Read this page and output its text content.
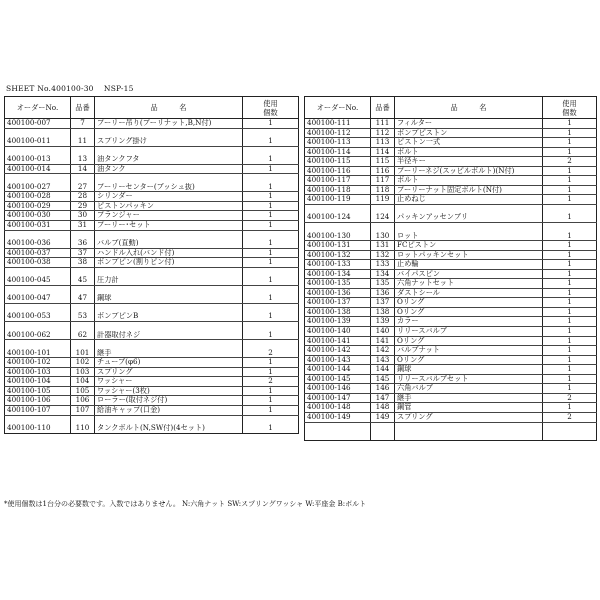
SHEET No.400100-30　 NSP-15
オーダーNo.	品番	品　　　名	使用
個数
400100-007	7	プーリー吊り(プーリナット,B,N付)	1

400100-011	11	スプリング掛け	1

400100-013	13	油タンクフタ	1
400100-014	14	油タンク	1

400100-027	27	プーリーセンター(ブッシュ抜)	1
400100-028	28	シリンダー	1
400100-029	29	ピストンパッキン	1
400100-030	30	プランジャー	1
400100-031	31	プーリー･セット	1

400100-036	36	バルブ(直動)	1
400100-037	37	ハンドル入れ(バンド付)	1
400100-038	38	ボンプピン(割りピン付)	1

400100-045	45	圧力計	1

400100-047	47	鋼球	1

400100-053	53	ボンプピンB	1

400100-062	62	計器取付ネジ	1

400100-101	101	継手	2
400100-102	102	チューブ(φ6)	1
400100-103	103	スプリング	1
400100-104	104	ワッシャー	2
400100-105	105	ワッシャー(3枚)	1
400100-106	106	ローラー(取付ネジ付)	1
400100-107	107	給油キャップ(口金)	1

400100-110	110	タンクボルト(N,SW付)(4セット)	1
オーダーNo.	品番	品　　　名	使用
個数
400100-111	111	フィルター	1
400100-112	112	ボンプピストン	1
400100-113	113	ピストン一式	1
400100-114	114	ボルト	1
400100-115	115	半径キー	2
400100-116	116	プーリーネジ(スッピルボルト)(N付)	1
400100-117	117	ボルト	1
400100-118	118	プーリーナット固定ボルト(N付)	1
400100-119	119	止めねじ	1

400100-124	124	パッキンアッセンブリ	1

400100-130	130	ロット	1
400100-131	131	FCピストン	1
400100-132	132	ロットパッキンセット	1
400100-133	133	止め輪	1
400100-134	134	バイパスピン	1
400100-135	135	六角ナットセット	1
400100-136	136	ダストシール	1
400100-137	137	Oリング	1
400100-138	138	Oリング	1
400100-139	139	カラー	1
400100-140	140	リリースバルブ	1
400100-141	141	Oリング	1
400100-142	142	バルブナット	1
400100-143	143	Oリング	1
400100-144	144	鋼球	1
400100-145	145	リリースバルブセット	1
400100-146	146	六角バルブ	1
400100-147	147	継手	2
400100-148	148	鋼管	1
400100-149	149	スプリング	2

*使用個数は1台分の必要数です。入数ではありません。 N:六角ナット SW:スプリングワッシャ W:平座金 B:ボルト
